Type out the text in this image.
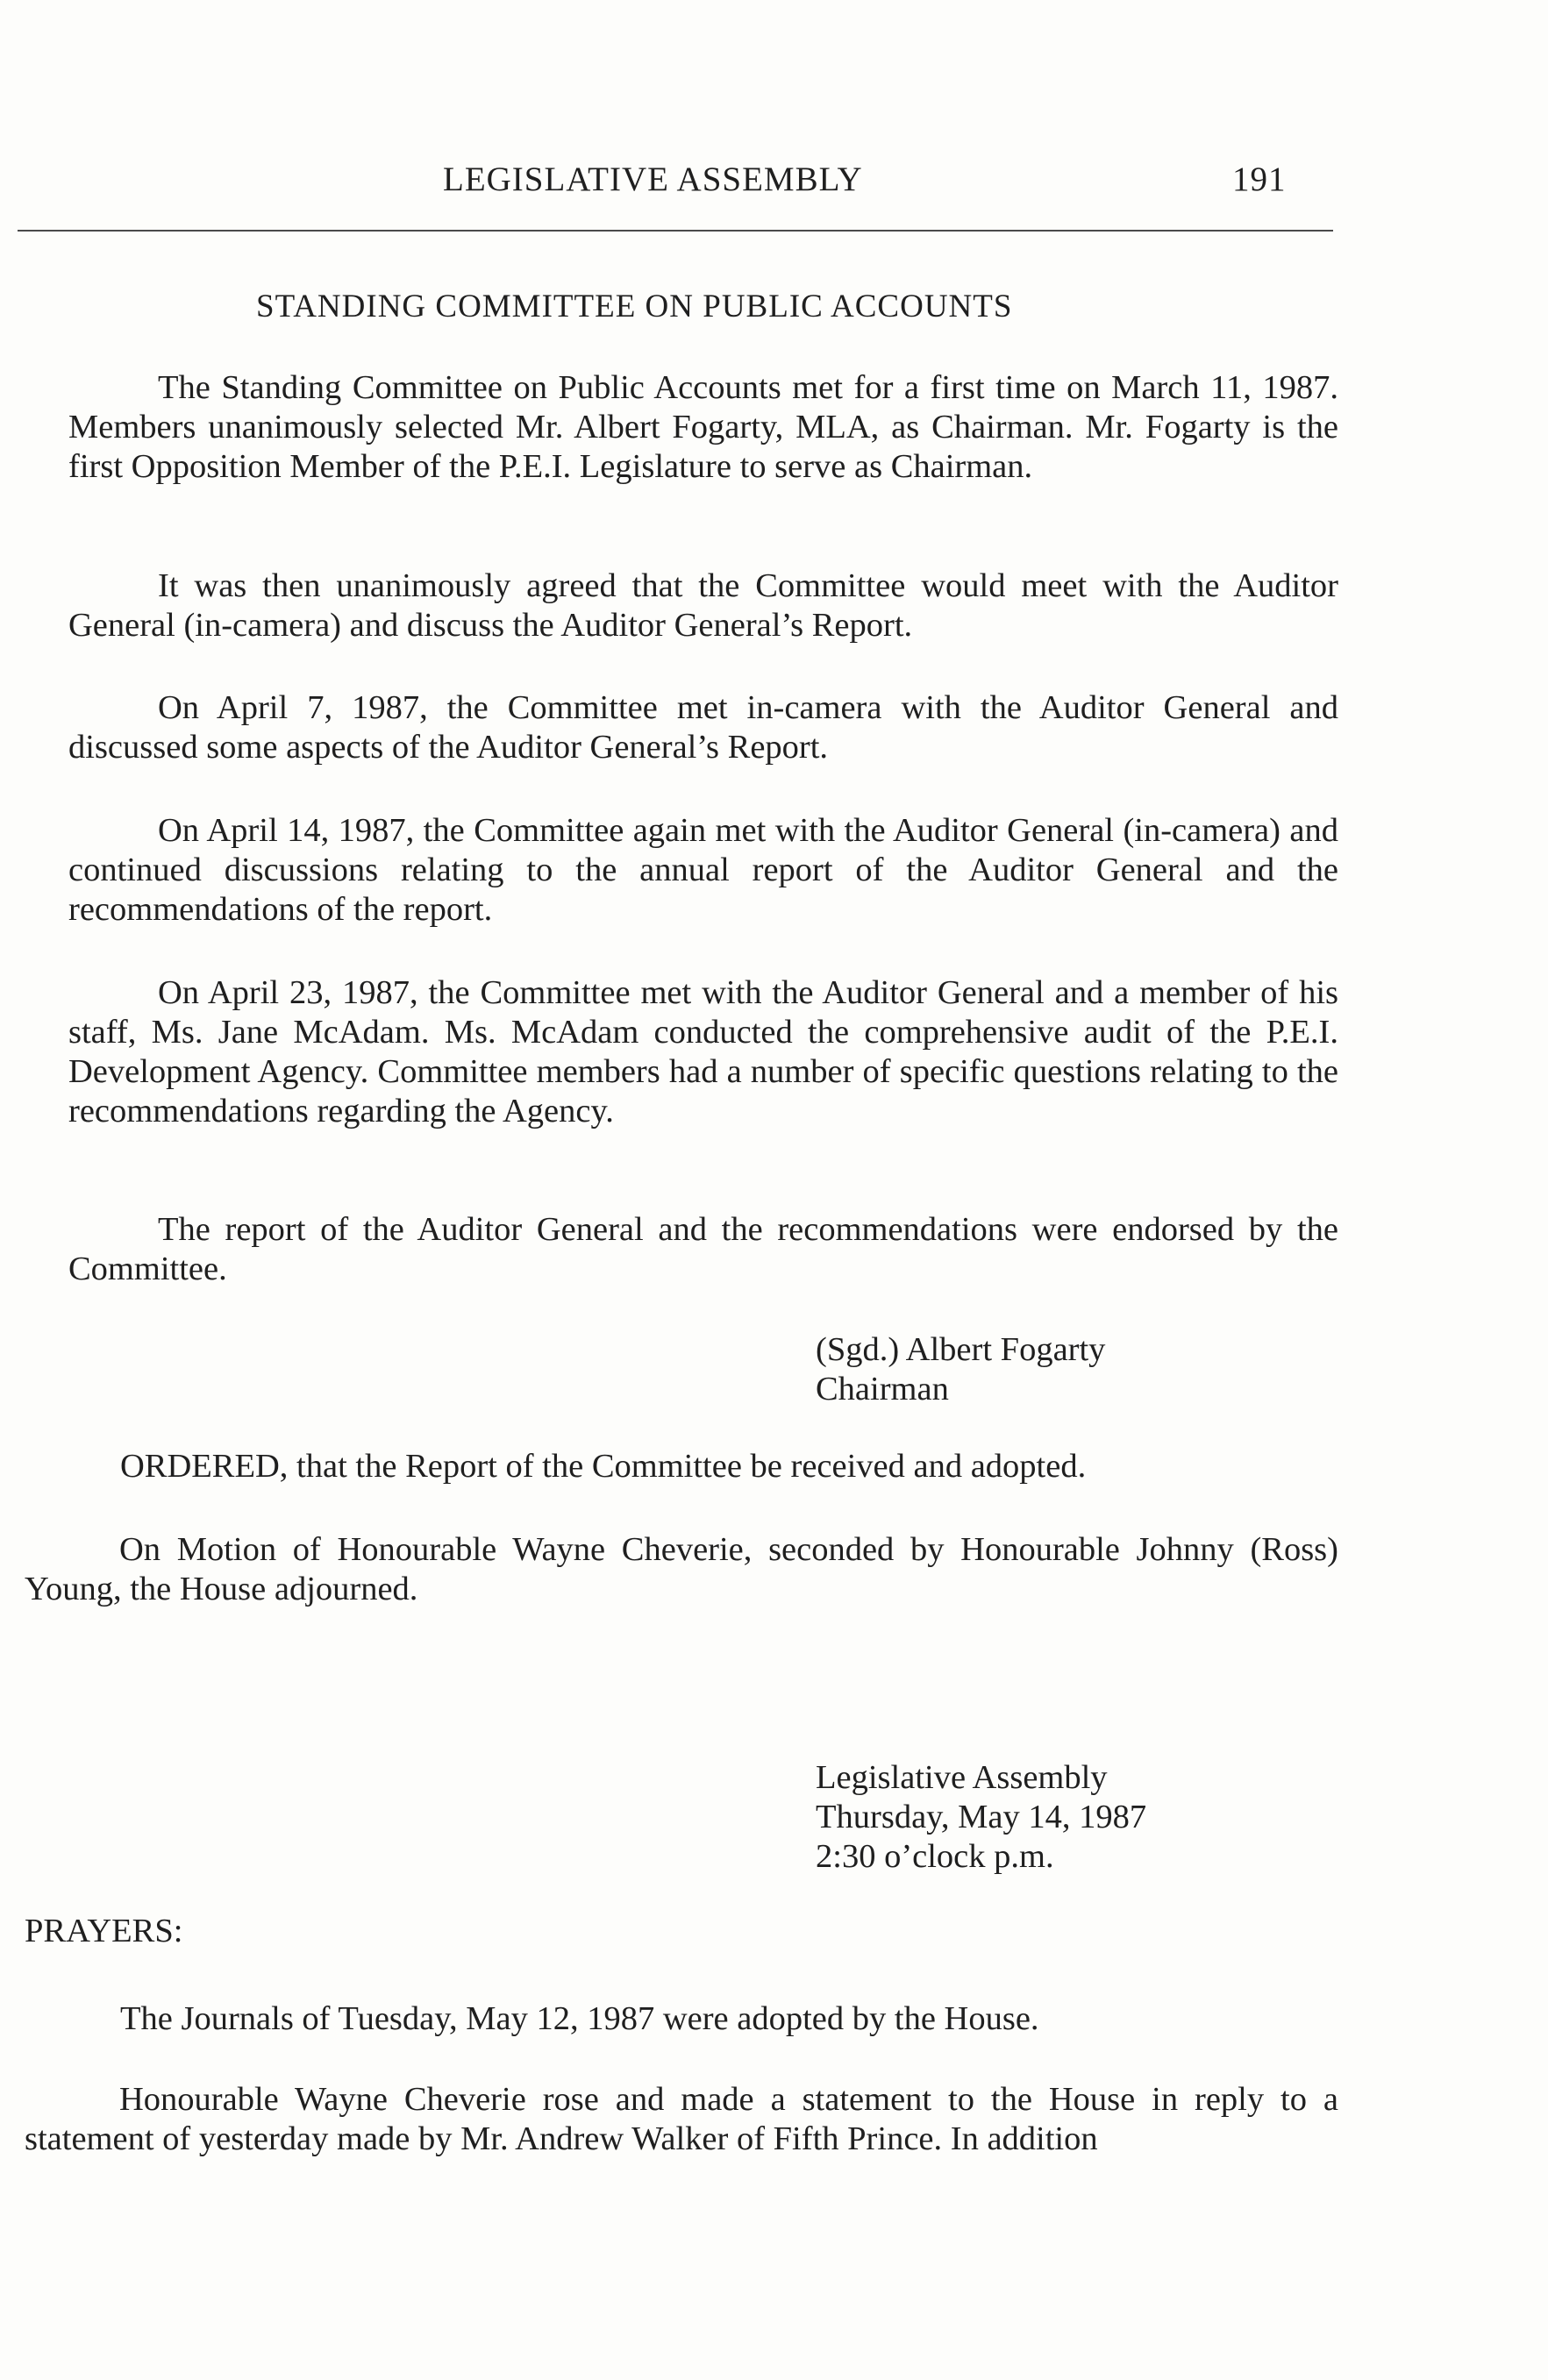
LEGISLATIVE ASSEMBLY	191
STANDING COMMITTEE ON PUBLIC ACCOUNTS

The Standing Committee on Public Accounts met for a first time on March 11, 1987. Members unanimously selected Mr. Albert Fogarty, MLA, as Chairman. Mr. Fogarty is the first Opposition Member of the P.E.I. Legislature to serve as Chairman.

It was then unanimously agreed that the Committee would meet with the Auditor General (in-camera) and discuss the Auditor General’s Report.

On April 7, 1987, the Committee met in-camera with the Auditor General and discussed some aspects of the Auditor General’s Report.

On April 14, 1987, the Committee again met with the Auditor General (in-camera) and continued discussions relating to the annual report of the Auditor General and the recommendations of the report.

On April 23, 1987, the Committee met with the Auditor General and a member of his staff, Ms. Jane McAdam. Ms. McAdam conducted the comprehensive audit of the P.E.I. Development Agency. Committee members had a number of specific questions relating to the recommendations regarding the Agency.

The report of the Auditor General and the recommendations were endorsed by the Committee.

(Sgd.) Albert Fogarty
Chairman
ORDERED, that the Report of the Committee be received and adopted.

On Motion of Honourable Wayne Cheverie, seconded by Honourable Johnny (Ross) Young, the House adjourned.

Legislative Assembly
Thursday, May 14, 1987
2:30 o’clock p.m.
PRAYERS:
The Journals of Tuesday, May 12, 1987 were adopted by the House.

Honourable Wayne Cheverie rose and made a statement to the House in reply to a statement of yesterday made by Mr. Andrew Walker of Fifth Prince. In addition
